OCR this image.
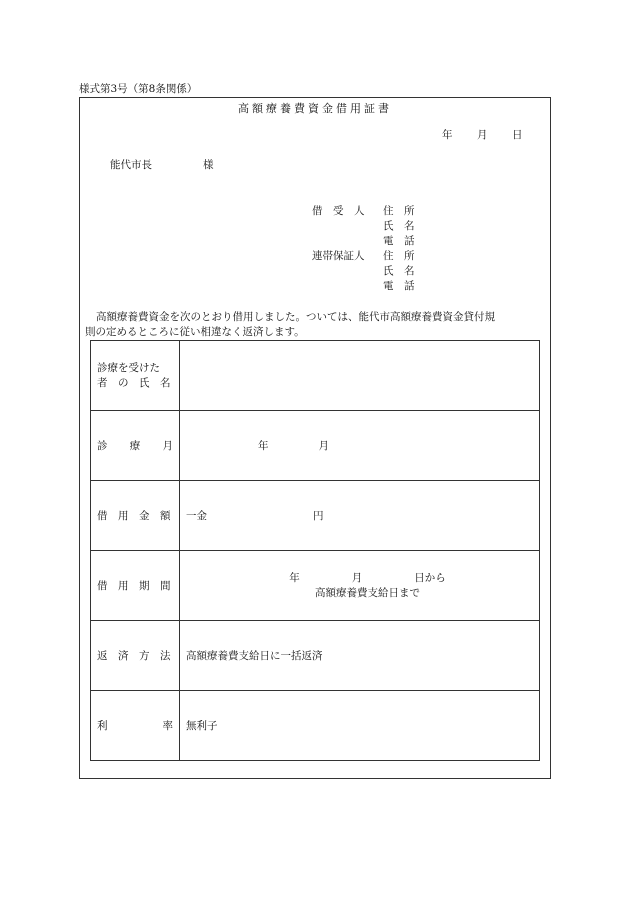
様式第3号（第8条関係）
高額療養費資金借用証書
年 月 日
能代市長	様
借　受　人 住　所
氏　名
電　話
連帯保証人 住　所
氏　名
電　話
高額療養費資金を次のとおり借用しました。ついては、能代市高額療養費資金貸付規
則の定めるところに従い相違なく返済します。
診療を受けた
者　の　氏　名	

診 療 月	年 月
借　用　金　額	一金 円
借　用　期　間	年 月 日から
高額療養費支給日まで

返　済　方　法	高額療養費支給日に一括返済

利 率	無利子
